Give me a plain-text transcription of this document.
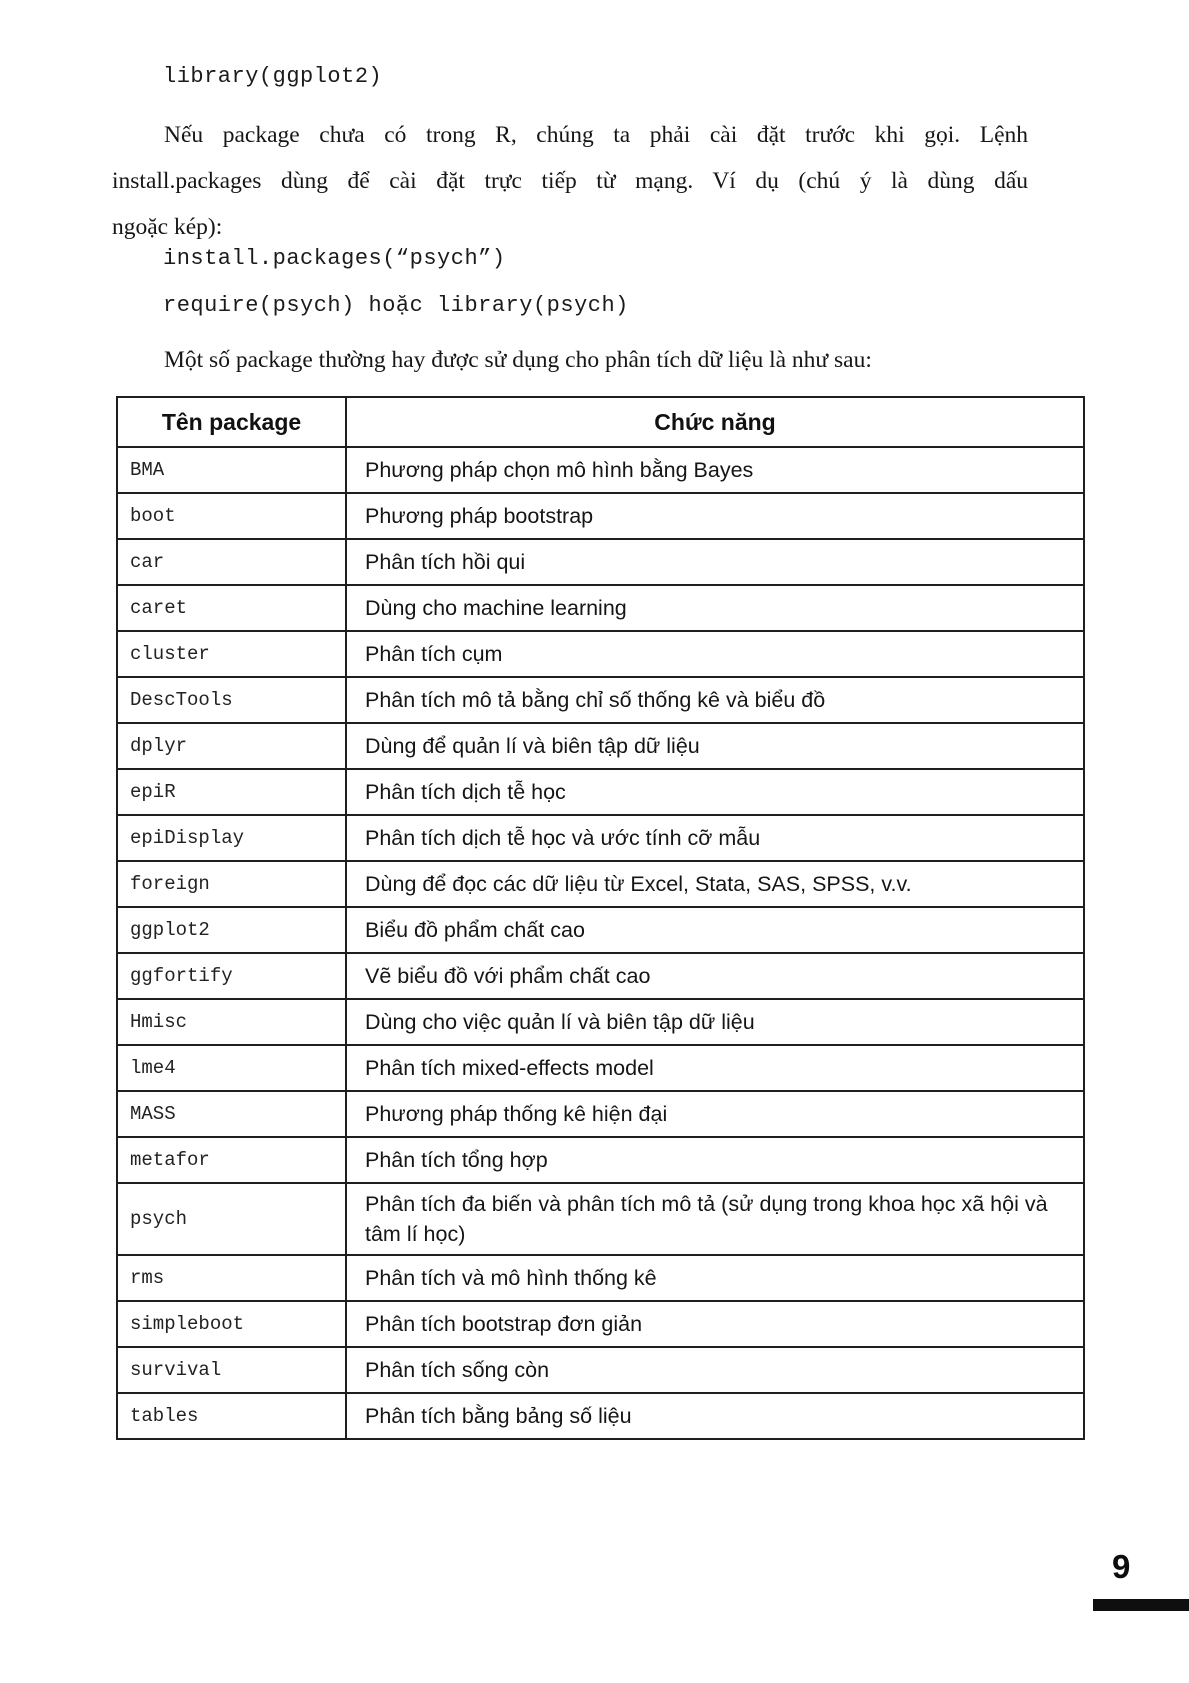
library(ggplot2)
Nếu package chưa có trong R, chúng ta phải cài đặt trước khi gọi. Lệnh
install.packages dùng để cài đặt trực tiếp từ mạng. Ví dụ (chú ý là dùng dấu
ngoặc kép):
install.packages(“psych”)
require(psych) hoặc library(psych)
Một số package thường hay được sử dụng cho phân tích dữ liệu là như sau:
Tên package	Chức năng
BMA	Phương pháp chọn mô hình bằng Bayes
boot	Phương pháp bootstrap
car	Phân tích hồi qui
caret	Dùng cho machine learning
cluster	Phân tích cụm
DescTools	Phân tích mô tả bằng chỉ số thống kê và biểu đồ
dplyr	Dùng để quản lí và biên tập dữ liệu
epiR	Phân tích dịch tễ học
epiDisplay	Phân tích dịch tễ học và ước tính cỡ mẫu
foreign	Dùng để đọc các dữ liệu từ Excel, Stata, SAS, SPSS, v.v.
ggplot2	Biểu đồ phẩm chất cao
ggfortify	Vẽ biểu đồ với phẩm chất cao
Hmisc	Dùng cho việc quản lí và biên tập dữ liệu
lme4	Phân tích mixed-effects model
MASS	Phương pháp thống kê hiện đại
metafor	Phân tích tổng hợp
psych	Phân tích đa biến và phân tích mô tả (sử dụng trong khoa học xã hội và tâm lí học)
rms	Phân tích và mô hình thống kê
simpleboot	Phân tích bootstrap đơn giản
survival	Phân tích sống còn
tables	Phân tích bằng bảng số liệu
9
